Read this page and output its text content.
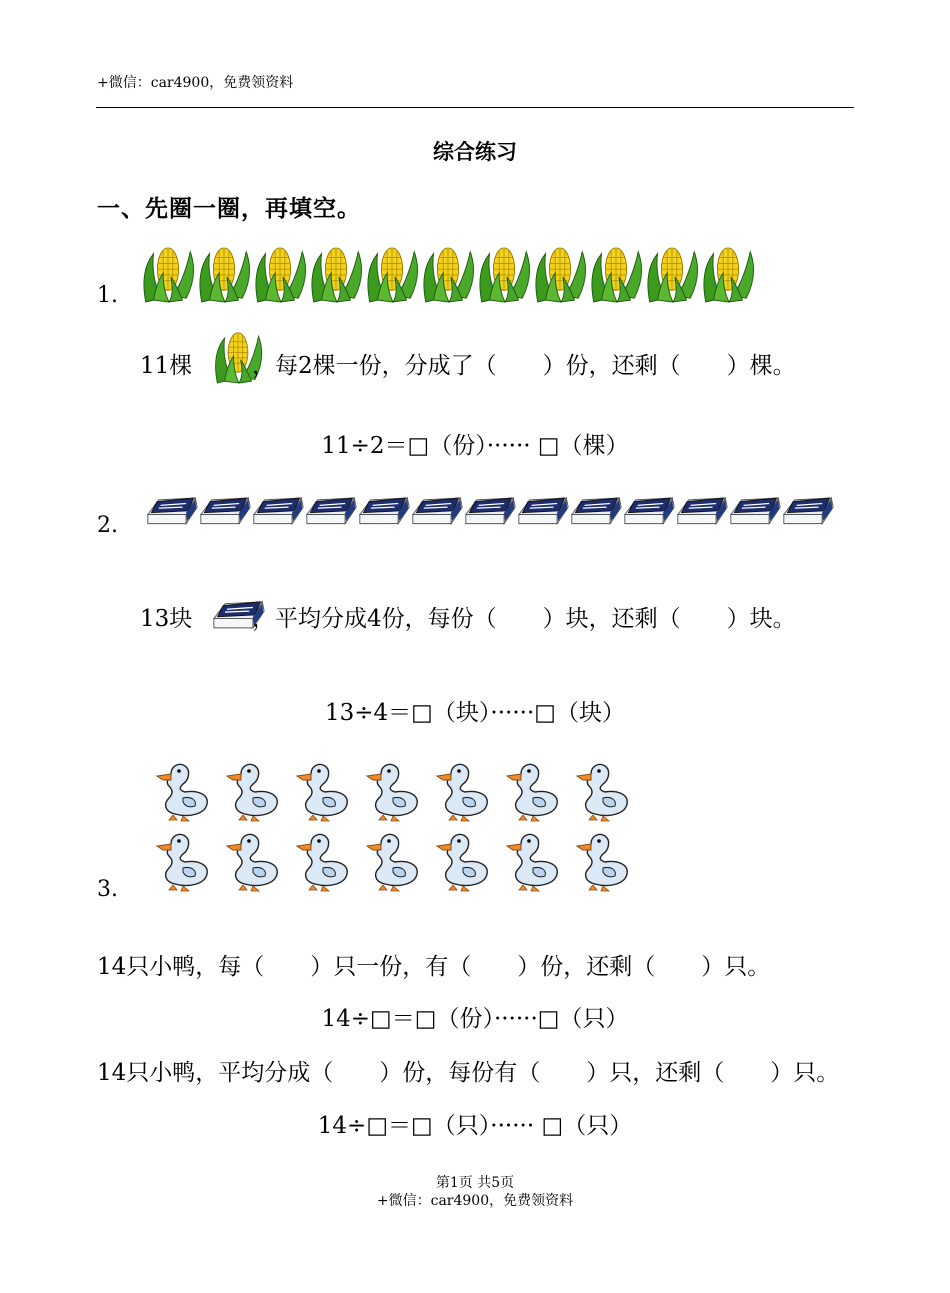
+微信：car4900，免费领资料
综合练习
一、先圈一圈，再填空。
1.
11棵	，每2棵一份，分成了（　　）份，还剩（　　）棵。
11÷2＝□（份）······ □（棵）
2.
13块	，平均分成4份，每份（　　）块，还剩（　　）块。
13÷4＝□（块）······□（块）
3.
14只小鸭，每（　　）只一份，有（　　）份，还剩（　　）只。
14÷□＝□（份）······□（只）
14只小鸭，平均分成（　　）份，每份有（　　）只，还剩（　　）只。
14÷□＝□（只）······ □（只）
第1页 共5页
+微信：car4900，免费领资料
